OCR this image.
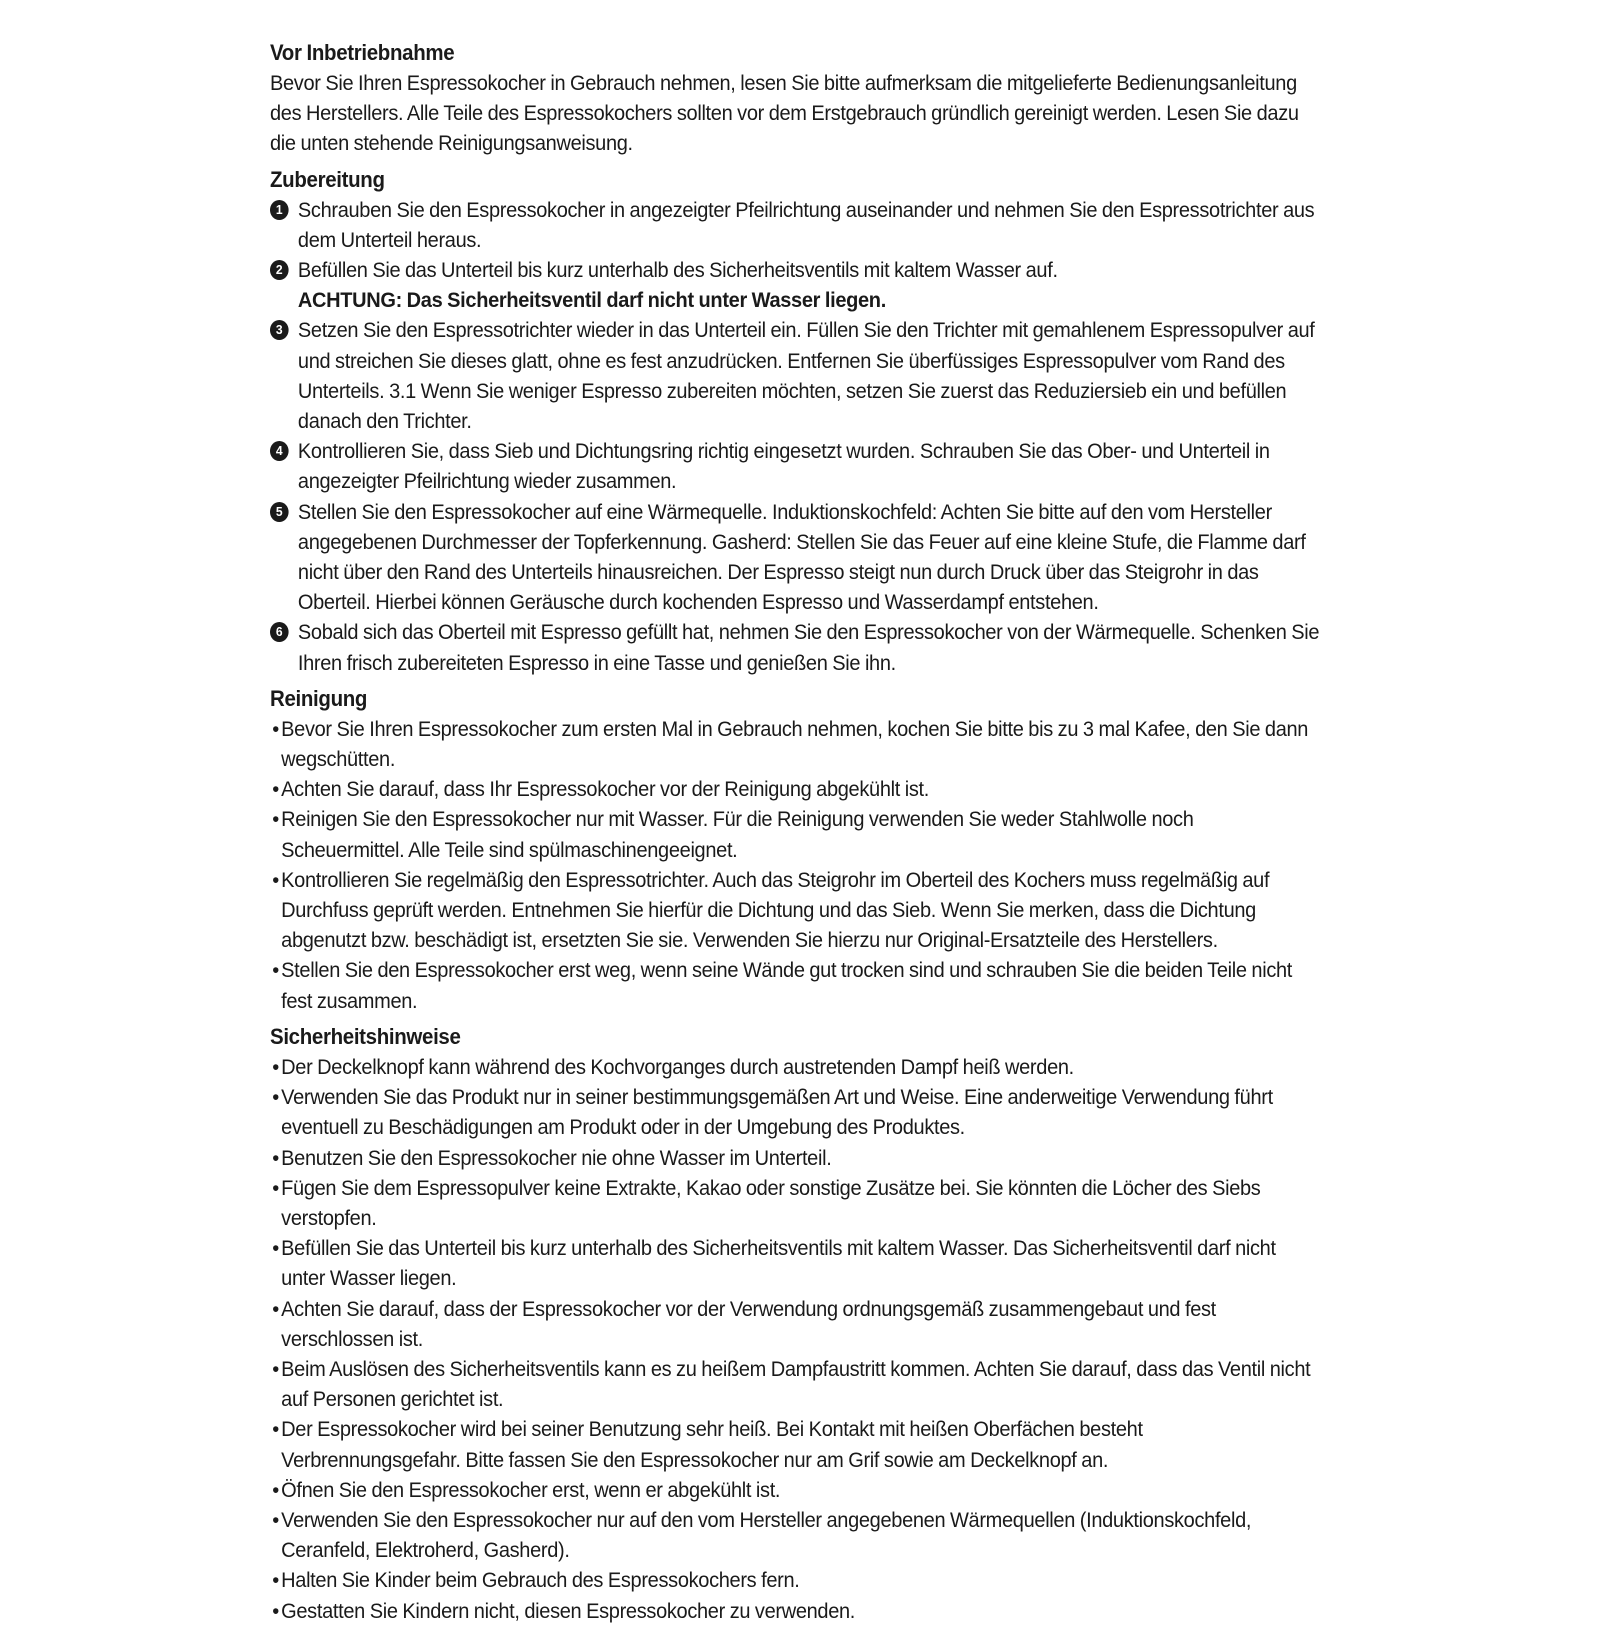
Vor Inbetriebnahme

Bevor Sie Ihren Espressokocher in Gebrauch nehmen, lesen Sie bitte aufmerksam die mitgelieferte Bedienungsanleitung des Herstellers. Alle Teile des Espressokochers sollten vor dem Erstgebrauch gründlich gereinigt werden. Lesen Sie dazu die unten stehende Reinigungsanweisung.

Zubereitung
1 Schrauben Sie den Espressokocher in angezeigter Pfeilrichtung auseinander und nehmen Sie den Espressotrichter aus dem Unterteil heraus.
2 Befüllen Sie das Unterteil bis kurz unterhalb des Sicherheitsventils mit kaltem Wasser auf.
ACHTUNG: Das Sicherheitsventil darf nicht unter Wasser liegen.
3 Setzen Sie den Espressotrichter wieder in das Unterteil ein. Füllen Sie den Trichter mit gemahlenem Espressopulver auf und streichen Sie dieses glatt, ohne es fest anzudrücken. Entfernen Sie überfüssiges Espressopulver vom Rand des Unterteils. 3.1 Wenn Sie weniger Espresso zubereiten möchten, setzen Sie zuerst das Reduziersieb ein und befüllen danach den Trichter.
4 Kontrollieren Sie, dass Sieb und Dichtungsring richtig eingesetzt wurden. Schrauben Sie das Ober- und Unterteil in angezeigter Pfeilrichtung wieder zusammen.
5 Stellen Sie den Espressokocher auf eine Wärmequelle. Induktionskochfeld: Achten Sie bitte auf den vom Hersteller angegebenen Durchmesser der Topferkennung. Gasherd: Stellen Sie das Feuer auf eine kleine Stufe, die Flamme darf nicht über den Rand des Unterteils hinausreichen. Der Espresso steigt nun durch Druck über das Steigrohr in das Oberteil. Hierbei können Geräusche durch kochenden Espresso und Wasserdampf entstehen.
6 Sobald sich das Oberteil mit Espresso gefüllt hat, nehmen Sie den Espressokocher von der Wärmequelle. Schenken Sie Ihren frisch zubereiteten Espresso in eine Tasse und genießen Sie ihn.
Reinigung
• Bevor Sie Ihren Espressokocher zum ersten Mal in Gebrauch nehmen, kochen Sie bitte bis zu 3 mal Kafee, den Sie dann wegschütten.
• Achten Sie darauf, dass Ihr Espressokocher vor der Reinigung abgekühlt ist.
• Reinigen Sie den Espressokocher nur mit Wasser. Für die Reinigung verwenden Sie weder Stahlwolle noch Scheuermittel. Alle Teile sind spülmaschinengeeignet.
• Kontrollieren Sie regelmäßig den Espressotrichter. Auch das Steigrohr im Oberteil des Kochers muss regelmäßig auf Durchfuss geprüft werden. Entnehmen Sie hierfür die Dichtung und das Sieb. Wenn Sie merken, dass die Dichtung abgenutzt bzw. beschädigt ist, ersetzten Sie sie. Verwenden Sie hierzu nur Original-Ersatzteile des Herstellers.
• Stellen Sie den Espressokocher erst weg, wenn seine Wände gut trocken sind und schrauben Sie die beiden Teile nicht fest zusammen.
Sicherheitshinweise
• Der Deckelknopf kann während des Kochvorganges durch austretenden Dampf heiß werden.
• Verwenden Sie das Produkt nur in seiner bestimmungsgemäßen Art und Weise. Eine anderweitige Verwendung führt eventuell zu Beschädigungen am Produkt oder in der Umgebung des Produktes.
• Benutzen Sie den Espressokocher nie ohne Wasser im Unterteil.
• Fügen Sie dem Espressopulver keine Extrakte, Kakao oder sonstige Zusätze bei. Sie könnten die Löcher des Siebs verstopfen.
• Befüllen Sie das Unterteil bis kurz unterhalb des Sicherheitsventils mit kaltem Wasser. Das Sicherheitsventil darf nicht unter Wasser liegen.
• Achten Sie darauf, dass der Espressokocher vor der Verwendung ordnungsgemäß zusammengebaut und fest verschlossen ist.
• Beim Auslösen des Sicherheitsventils kann es zu heißem Dampfaustritt kommen. Achten Sie darauf, dass das Ventil nicht auf Personen gerichtet ist.
• Der Espressokocher wird bei seiner Benutzung sehr heiß. Bei Kontakt mit heißen Oberfächen besteht Verbrennungsgefahr. Bitte fassen Sie den Espressokocher nur am Grif sowie am Deckelknopf an.
• Öfnen Sie den Espressokocher erst, wenn er abgekühlt ist.
• Verwenden Sie den Espressokocher nur auf den vom Hersteller angegebenen Wärmequellen (Induktionskochfeld, Ceranfeld, Elektroherd, Gasherd).
• Halten Sie Kinder beim Gebrauch des Espressokochers fern.
• Gestatten Sie Kindern nicht, diesen Espressokocher zu verwenden.
